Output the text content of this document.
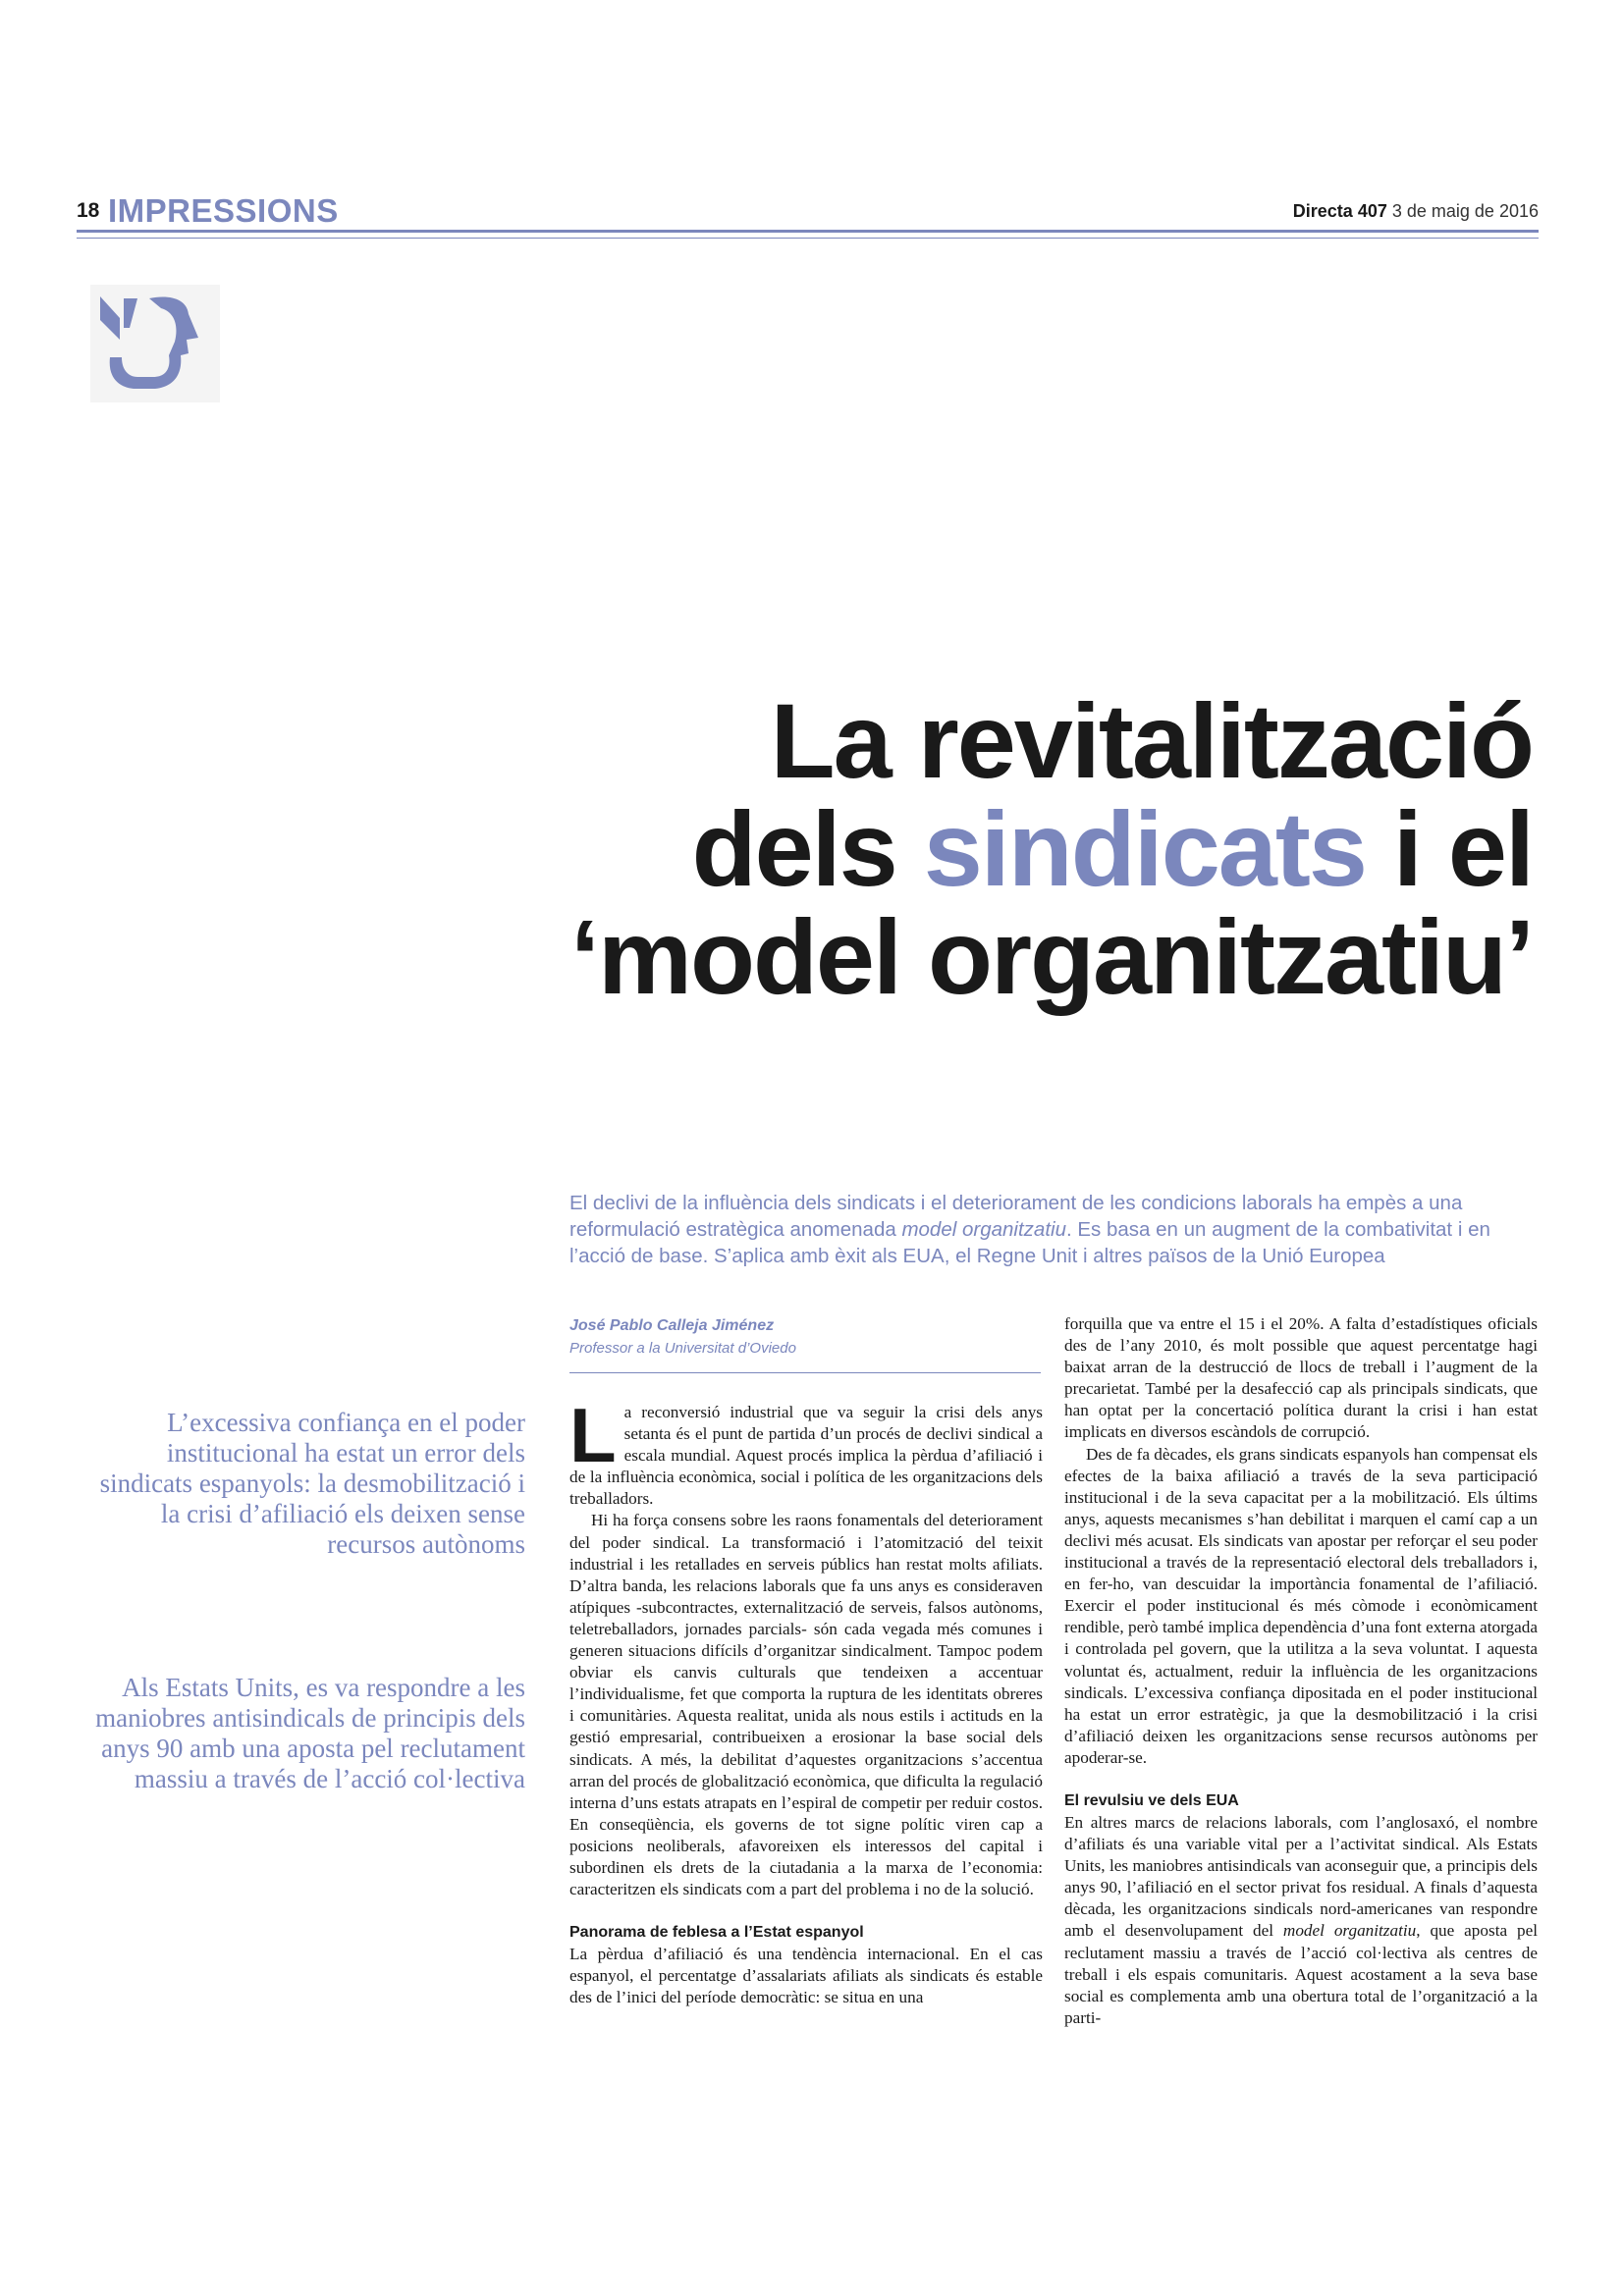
18 IMPRESSIONS	Directa 407 3 de maig de 2016
La revitalització
dels sindicats i el
‘model organitzatiu’
El declivi de la influència dels sindicats i el deteriorament de les condicions laborals ha empès a una reformulació estratègica anomenada model organitzatiu. Es basa en un augment de la combativitat i en l’acció de base. S’aplica amb èxit als EUA, el Regne Unit i altres països de la Unió Europea
José Pablo Calleja Jiménez
Professor a la Universitat d’Oviedo
L’excessiva confiança en el poder institucional ha estat un error dels sindicats espanyols: la desmobilització i la crisi d’afiliació els deixen sense recursos autònoms
Als Estats Units, es va respondre a les maniobres antisindicals de principis dels anys 90 amb una aposta pel reclutament massiu a través de l’acció col·lectiva

La reconversió industrial que va seguir la crisi dels anys setanta és el punt de partida d’un procés de declivi sindical a escala mundial. Aquest procés implica la pèrdua d’afiliació i de la influència econòmica, social i política de les organitzacions dels treballadors.

Hi ha força consens sobre les raons fonamentals del deteriorament del poder sindical. La transformació i l’atomització del teixit industrial i les retallades en serveis públics han restat molts afiliats. D’altra banda, les relacions laborals que fa uns anys es consideraven atípiques -subcontractes, externalització de serveis, falsos autònoms, teletreballadors, jornades parcials- són cada vegada més comunes i generen situacions difícils d’organitzar sindicalment. Tampoc podem obviar els canvis culturals que tendeixen a accentuar l’individualisme, fet que comporta la ruptura de les identitats obreres i comunitàries. Aquesta realitat, unida als nous estils i actituds en la gestió empresarial, contribueixen a erosionar la base social dels sindicats. A més, la debilitat d’aquestes organitzacions s’accentua arran del procés de globalització econòmica, que dificulta la regulació interna d’uns estats atrapats en l’espiral de competir per reduir costos. En conseqüència, els governs de tot signe polític viren cap a posicions neoliberals, afavoreixen els interessos del capital i subordinen els drets de la ciutadania a la marxa de l’economia: caracteritzen els sindicats com a part del problema i no de la solució.

Panorama de feblesa a l’Estat espanyol

La pèrdua d’afiliació és una tendència internacional. En el cas espanyol, el percentatge d’assalariats afiliats als sindicats és estable des de l’inici del període democràtic: se situa en una

forquilla que va entre el 15 i el 20%. A falta d’estadístiques oficials des de l’any 2010, és molt possible que aquest percentatge hagi baixat arran de la destrucció de llocs de treball i l’augment de la precarietat. També per la desafecció cap als principals sindicats, que han optat per la concertació política durant la crisi i han estat implicats en diversos escàndols de corrupció.

Des de fa dècades, els grans sindicats espanyols han compensat els efectes de la baixa afiliació a través de la seva participació institucional i de la seva capacitat per a la mobilització. Els últims anys, aquests mecanismes s’han debilitat i marquen el camí cap a un declivi més acusat. Els sindicats van apostar per reforçar el seu poder institucional a través de la representació electoral dels treballadors i, en fer-ho, van descuidar la importància fonamental de l’afiliació. Exercir el poder institucional és més còmode i econòmicament rendible, però també implica dependència d’una font externa atorgada i controlada pel govern, que la utilitza a la seva voluntat. I aquesta voluntat és, actualment, reduir la influència de les organitzacions sindicals. L’excessiva confiança dipositada en el poder institucional ha estat un error estratègic, ja que la desmobilització i la crisi d’afiliació deixen les organitzacions sense recursos autònoms per apoderar-se.

El revulsiu ve dels EUA

En altres marcs de relacions laborals, com l’anglosaxó, el nombre d’afiliats és una variable vital per a l’activitat sindical. Als Estats Units, les maniobres antisindicals van aconseguir que, a principis dels anys 90, l’afiliació en el sector privat fos residual. A finals d’aquesta dècada, les organitzacions sindicals nord-americanes van respondre amb el desenvolupament del model organitzatiu, que aposta pel reclutament massiu a través de l’acció col·lectiva als centres de treball i els espais comunitaris. Aquest acostament a la seva base social es complementa amb una obertura total de l’organització a la parti-
